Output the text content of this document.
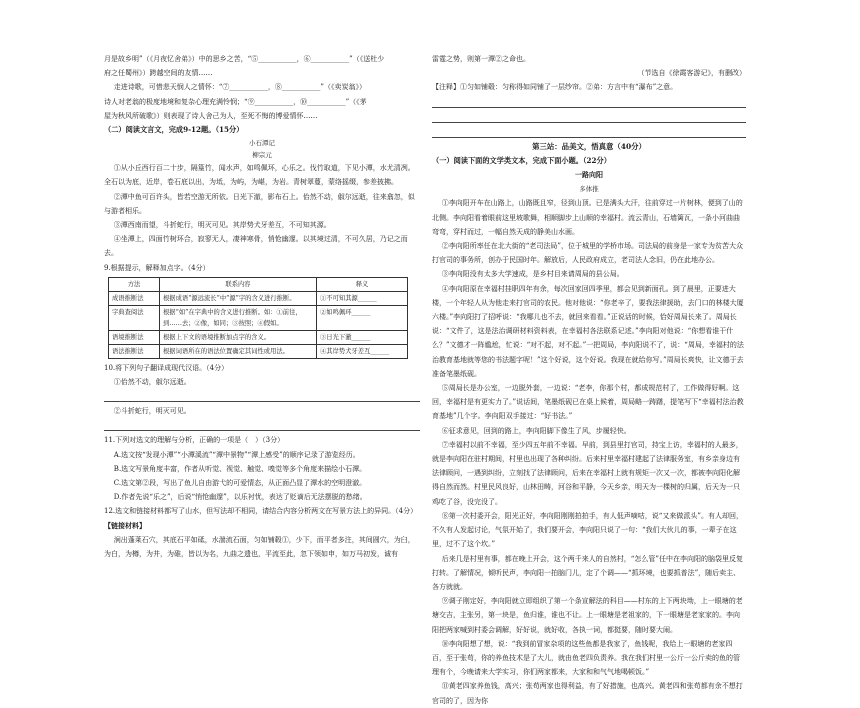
月是故乡明”（《月夜忆舍弟》）中的思乡之苦，“⑤___________，⑥___________”（《送杜少

府之任蜀州》）跨越空间的友情……

走进诗歌，可惜悲天悯人之情怀：“⑦___________，⑧___________”（《卖炭翁》）

诗人对老翁的极度地境和复杂心理充满怜悯；“⑨___________，⑩___________”（《茅

屋为秋风所破歌》）则表现了诗人舍己为人，至死不悔的博爱情怀……

（二）阅读文言文，完成9-12题。（15分）

小石潭记

柳宗元

①从小丘西行百二十步，隔篁竹，闻水声，如鸣佩环，心乐之。伐竹取道，下见小潭，水尤清冽。全石以为底，近岸，卷石底以出，为坻，为屿，为嵁，为岩。青树翠蔓，蒙络摇缀，参差披拂。

②潭中鱼可百许头，皆若空游无所依。日光下澈，影布石上。佁然不动，俶尔远逝，往来翕忽，似与游者相乐。

③潭西南而望，斗折蛇行，明灭可见。其岸势犬牙差互，不可知其源。

④坐潭上，四面竹树环合，寂寥无人，凄神寒骨，悄怆幽邃。以其境过清，不可久居，乃记之而去。

9.根据提示，解释加点字。（4分）

方法	联系内容	释义
成语推断法	根据成语“源远流长”中“源”字的含义进行推断。	①不可知其源______
字典查阅法	根据“如”在字典中的含义进行推断。如：①前往，到……去；②像，如同；③按照；④假如。	②如鸣佩环______
语境推断法	根据上下文的语境推断加点字的含义。	③日光下澈______
语法推断法	根据词语所在的语法位置确定其词性或用法。	④其岸势犬牙差互______

10.将下列句子翻译成现代汉语。（4分）

①佁然不动，俶尔远逝。

②斗折蛇行，明灭可见。

11.下列对选文的理解与分析，正确的一项是（　）（3分）

A.选文按“发现小潭”“小潭溪流”“潭中景物”“潭上感受”的顺序记录了游览经历。

B.选文写景角度丰富，作者从听觉、视觉、触觉、嗅觉等多个角度来描绘小石潭。

C.选文第②段，写出了鱼儿自由游弋的可爱情态，从正面凸显了潭水的空明澄澈。

D.作者先说“乐之”，后说“悄怆幽邃”，以乐衬忧，表达了贬谪后无法摆脱的愁绪。

12.选文和链接材料都写了山水，但写法却不相同，请结合内容分析两文在写景方法上的异同。（4分）

【链接材料】

涧出蓬莱石穴，其底石平如砥，水湍流石面，匀如铺毂①，少下，而平者多注，其间圆穴，为臼，为白，为樽，为井，为碓，皆以为名，九曲之遗也，平流至此，忽下领如申，如万马初发，诚有

雷霆之势，则第一潭②之命也。

（节选自《徐霞客游记》，有删改）

【注释】①匀如铺毂：匀称得如同铺了一层纱帘。②弟：方言中有“瀑布”之意。

第三站：品美文，悟真意（40分）

（一）阅读下面的文学类文本，完成下面小题。（22分）

一路向阳

多体推

①李向阳开车在山路上，山路既且窄，径到山顶。已是满头大汗，往前穿过一片树林，便到了山的北侧。李向阳看着眼前这里坡歌舞，相顺脚步上山顺的幸福村。流云青山，石墙篱瓦，一条小河曲曲弯弯，穿村而过，一幅自然天成的静美山水画。

②李向阳所率任在北大街的“老司法局”，位于城里的学桥市场。司法局的前身是一家专为贫苦大众打官司的事务所，创办于民国时年。解放后，人民政府成立，老司法人念旧，仍在此地办公。

③李向阳没有太多大学速成，是乡村目来请周局的县公局。

④李向阳原在幸福村挂职四年有余，每次回家回四季里，都会见到新面孔。到了晨里，正要进大楼，一个年轻人从为他走来打官司的农民。他对他说：“你老辛了，要我法律援助，去门口的林楼大厦六楼。”李向阳打了招呼说：“我哪儿也不去，就回来看看。”正说话的时候，恰好周局长来了。周局长说：“文件了，这是法治调研材料资料表，在幸福村各法联系记述。”李向阳对他说：“你想看谁干什么？”文德才一阵尴尬，忙说：“对不起，对不起。”一把周局，李向阳说不了，说：“周局，幸福村的法治教育基地就等您的书法题字呢！”这个好说，这个好说。我现在就给你写。”周局长爽快，让文德于去准备笔墨纸砚。

⑤周局长是办公室，一边脱外套，一边说：“老李，你那个村，都成规范村了，工作做得好啊。这回，幸福村是有更实力了。”说话间，笔墨纸砚已在桌上候着，周局略一踌躇，提笔写下“幸福村法治教育基地”几个字。李向阳双手接过：“好书法。”

⑥征求意见，回到的路上，李向阳脚下像生了风，步履轻快。

⑦幸福村以前不幸福，至少四五年前不幸福。早前，到县里打官司，持宝上访，幸福村的人最多，就是李向阳在驻村期间，村里也出现了各种纠纷。后来村里幸福村建起了法律服务室，有乡亲身边有法律顾问，一遇到纠纷，立刻找了法律顾问，后来在幸福村上就有规矩一次又一次，都被李向阳化解得自然而然。村里民风良好，山林田畴，河谷和平静，今天乡亲，明天为一棵树的归属，后天为一只鸡吃了谷，没完没了。

⑧第一次村委开会，阳光正好，李向阳刚刚拍拍手，有人低声嘀咕，说“又来做派头”。有人却回，不久有人发起讨论，气氛开始了，我们要开会，李向阳只说了一句：“我们大伙儿的事，一辈子在这里，过不了这个坎。”

后来几是村里有事，都在晚上开会，这个两千来人的自然村，“怎么管”任中在李向阳的脑袋里反复打转。了解情况，倾听民声，李向阳一拍脑门儿，定了个调——“抓环境，也要抓普法”，随后卖主、各方就就。

⑨调子刚定好，李向阳就立即组织了第一个条宣解法的科目——村东的上下两块坳，上一眼塘的老塘交吉，主张另，第一块是，鱼归谁，谁也不让。上一眼塘是老祖家的，下一眼塘是老家家的。李向阳把两家喊到村委会调解，好好说，就好收，各执一词，都挺要，随时要大闹。

⑩李向阳想了想，说：“我到前冒家杂项的这些鱼都是我家了，鱼钱呢，我给上一眼塘的老家四百，至于张苟，你的养鱼技术是了大儿，就由鱼老四负责养。我在我们村里一公斤一公斤卖的鱼的管理有个，今晚请来大学实习，你们两家都来，大家和和气气地喝顿饭。”

⑪黄老四家养鱼钱，高兴；张苟两家也得利益，有了好措施，也高兴。黄老四和张苟都有余不想打官司的了，因为你
